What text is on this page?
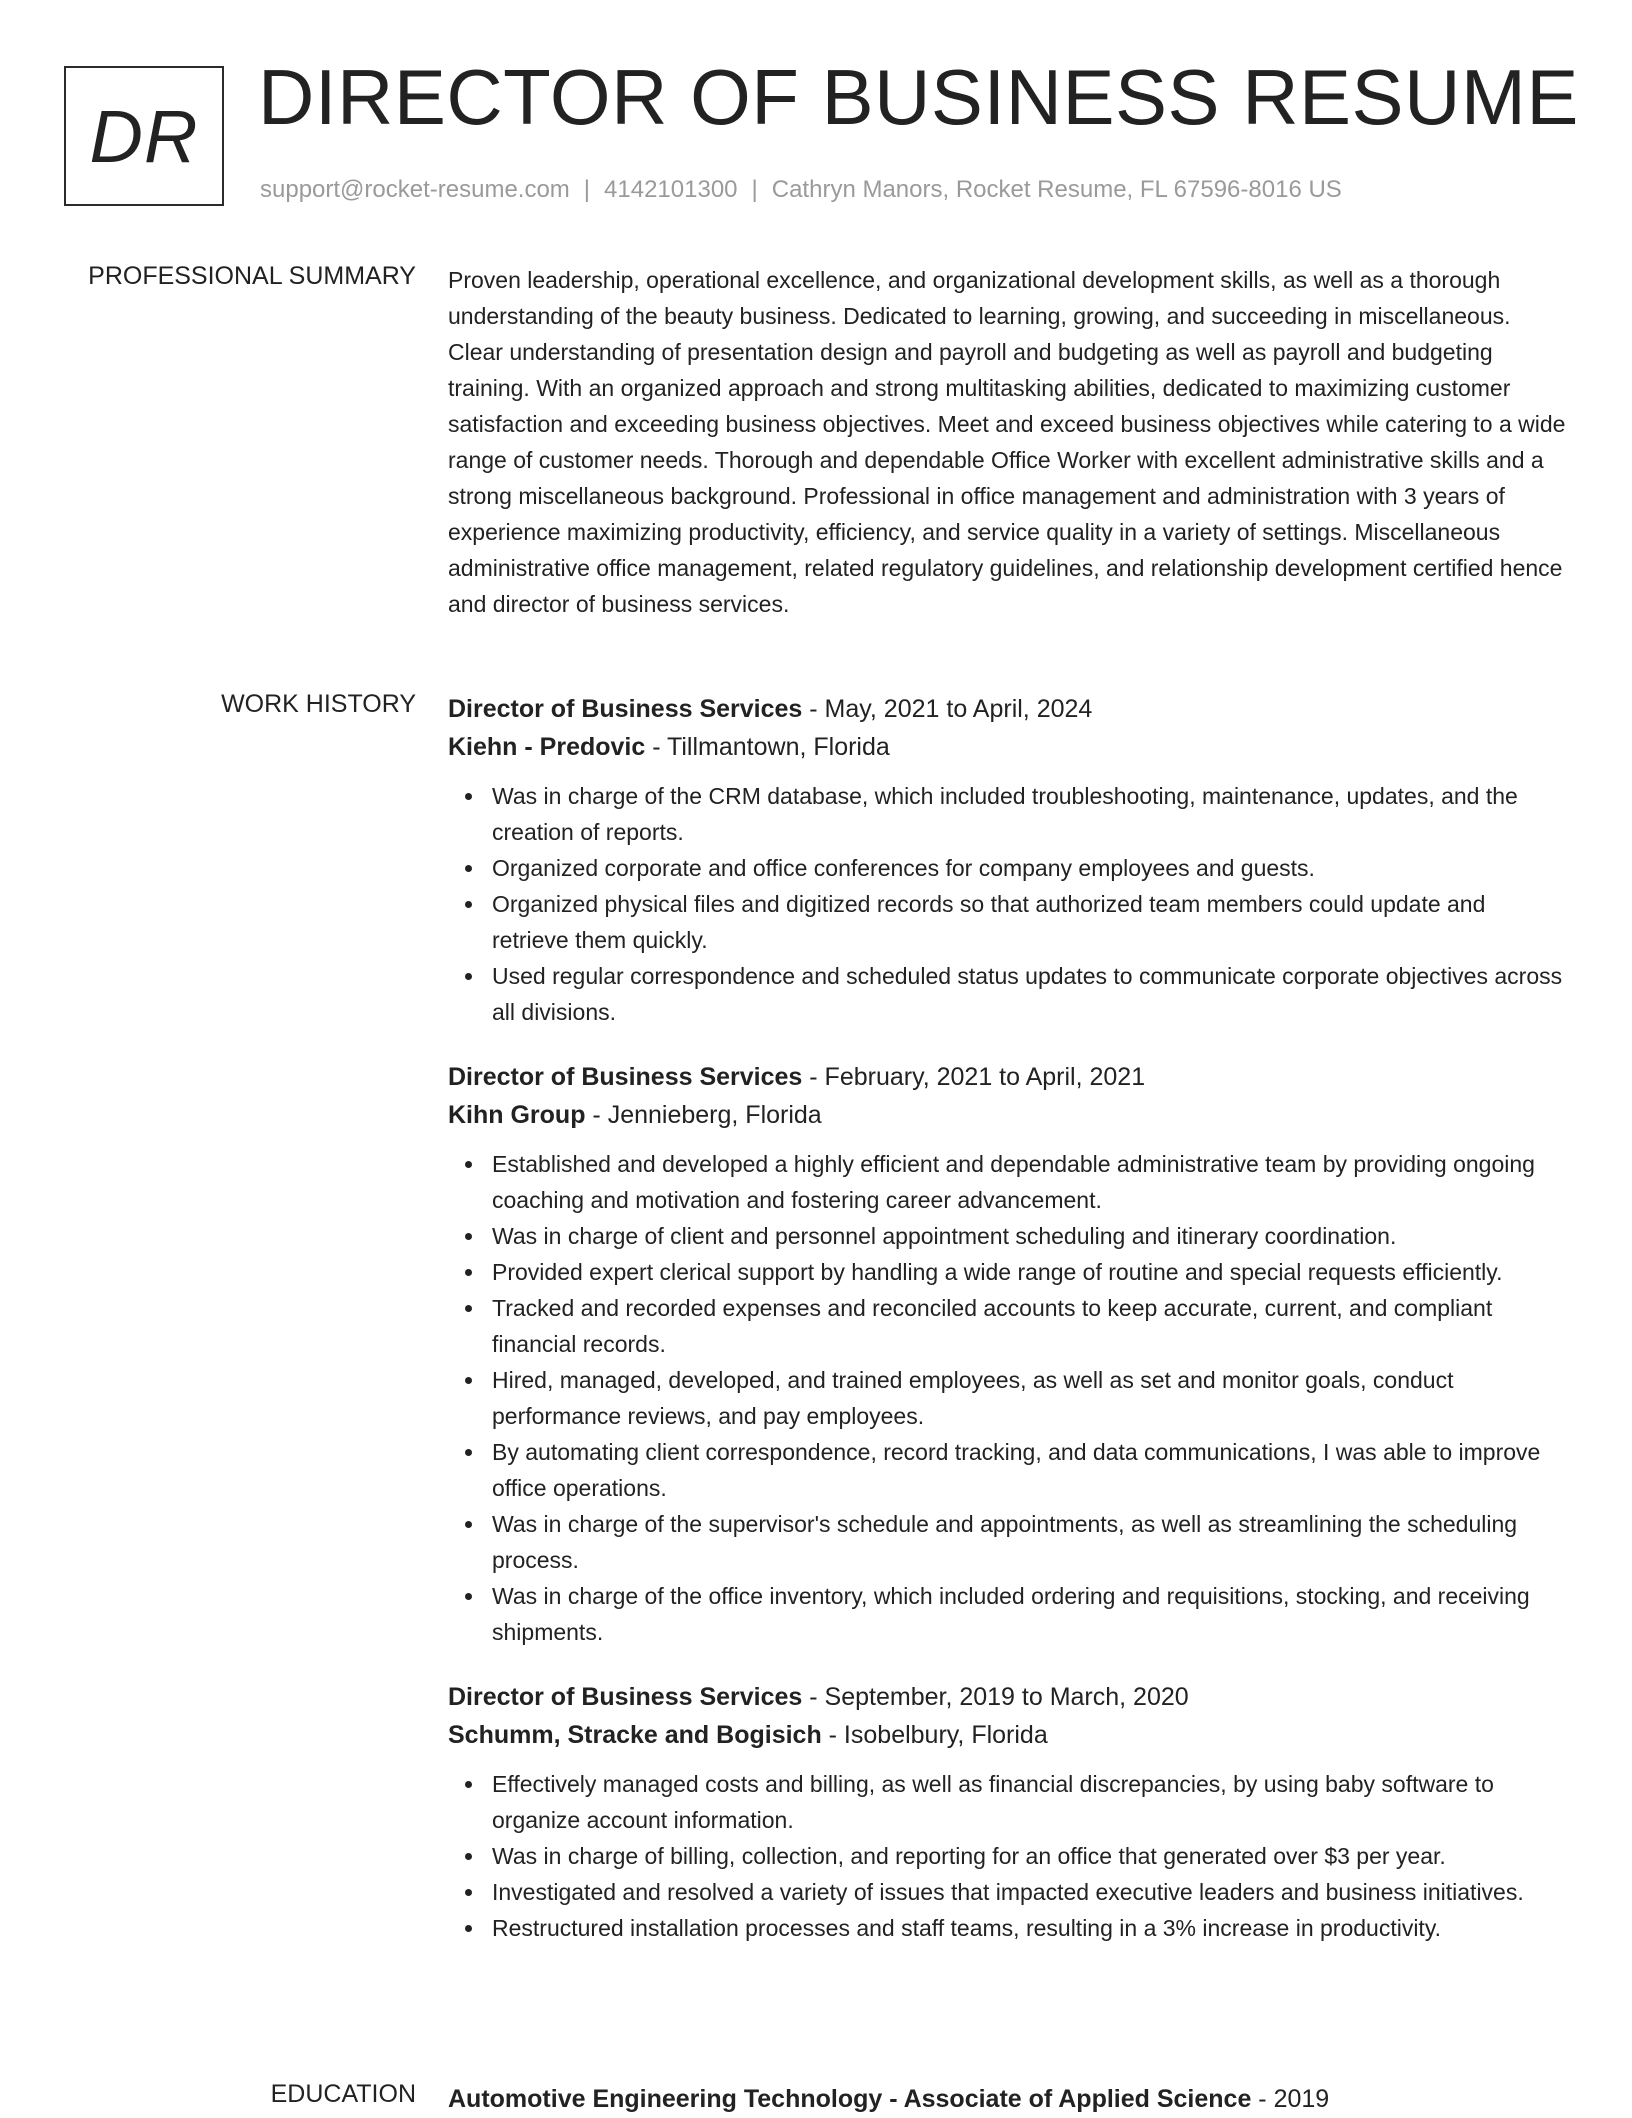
DR DIRECTOR OF BUSINESS RESUME
support@rocket-resume.com | 4142101300 | Cathryn Manors, Rocket Resume, FL 67596-8016 US
PROFESSIONAL SUMMARY Proven leadership, operational excellence, and organizational development skills, as well as a thorough understanding of the beauty business. Dedicated to learning, growing, and succeeding in miscellaneous. Clear understanding of presentation design and payroll and budgeting as well as payroll and budgeting training. With an organized approach and strong multitasking abilities, dedicated to maximizing customer satisfaction and exceeding business objectives. Meet and exceed business objectives while catering to a wide range of customer needs. Thorough and dependable Office Worker with excellent administrative skills and a strong miscellaneous background. Professional in office management and administration with 3 years of experience maximizing productivity, efficiency, and service quality in a variety of settings. Miscellaneous administrative office management, related regulatory guidelines, and relationship development certified hence and director of business services.

WORK HISTORY Director of Business Services - May, 2021 to April, 2024
Kiehn - Predovic - Tillmantown, Florida
Was in charge of the CRM database, which included troubleshooting, maintenance, updates, and the creation of reports.
Organized corporate and office conferences for company employees and guests.
Organized physical files and digitized records so that authorized team members could update and retrieve them quickly.
Used regular correspondence and scheduled status updates to communicate corporate objectives across all divisions.
Director of Business Services - February, 2021 to April, 2021
Kihn Group - Jennieberg, Florida
Established and developed a highly efficient and dependable administrative team by providing ongoing coaching and motivation and fostering career advancement.
Was in charge of client and personnel appointment scheduling and itinerary coordination.
Provided expert clerical support by handling a wide range of routine and special requests efficiently.
Tracked and recorded expenses and reconciled accounts to keep accurate, current, and compliant financial records.
Hired, managed, developed, and trained employees, as well as set and monitor goals, conduct performance reviews, and pay employees.
By automating client correspondence, record tracking, and data communications, I was able to improve office operations.
Was in charge of the supervisor's schedule and appointments, as well as streamlining the scheduling process.
Was in charge of the office inventory, which included ordering and requisitions, stocking, and receiving shipments.
Director of Business Services - September, 2019 to March, 2020
Schumm, Stracke and Bogisich - Isobelbury, Florida
Effectively managed costs and billing, as well as financial discrepancies, by using baby software to organize account information.
Was in charge of billing, collection, and reporting for an office that generated over $3 per year.
Investigated and resolved a variety of issues that impacted executive leaders and business initiatives.
Restructured installation processes and staff teams, resulting in a 3% increase in productivity.
EDUCATION Automotive Engineering Technology - Associate of Applied Science - 2019
